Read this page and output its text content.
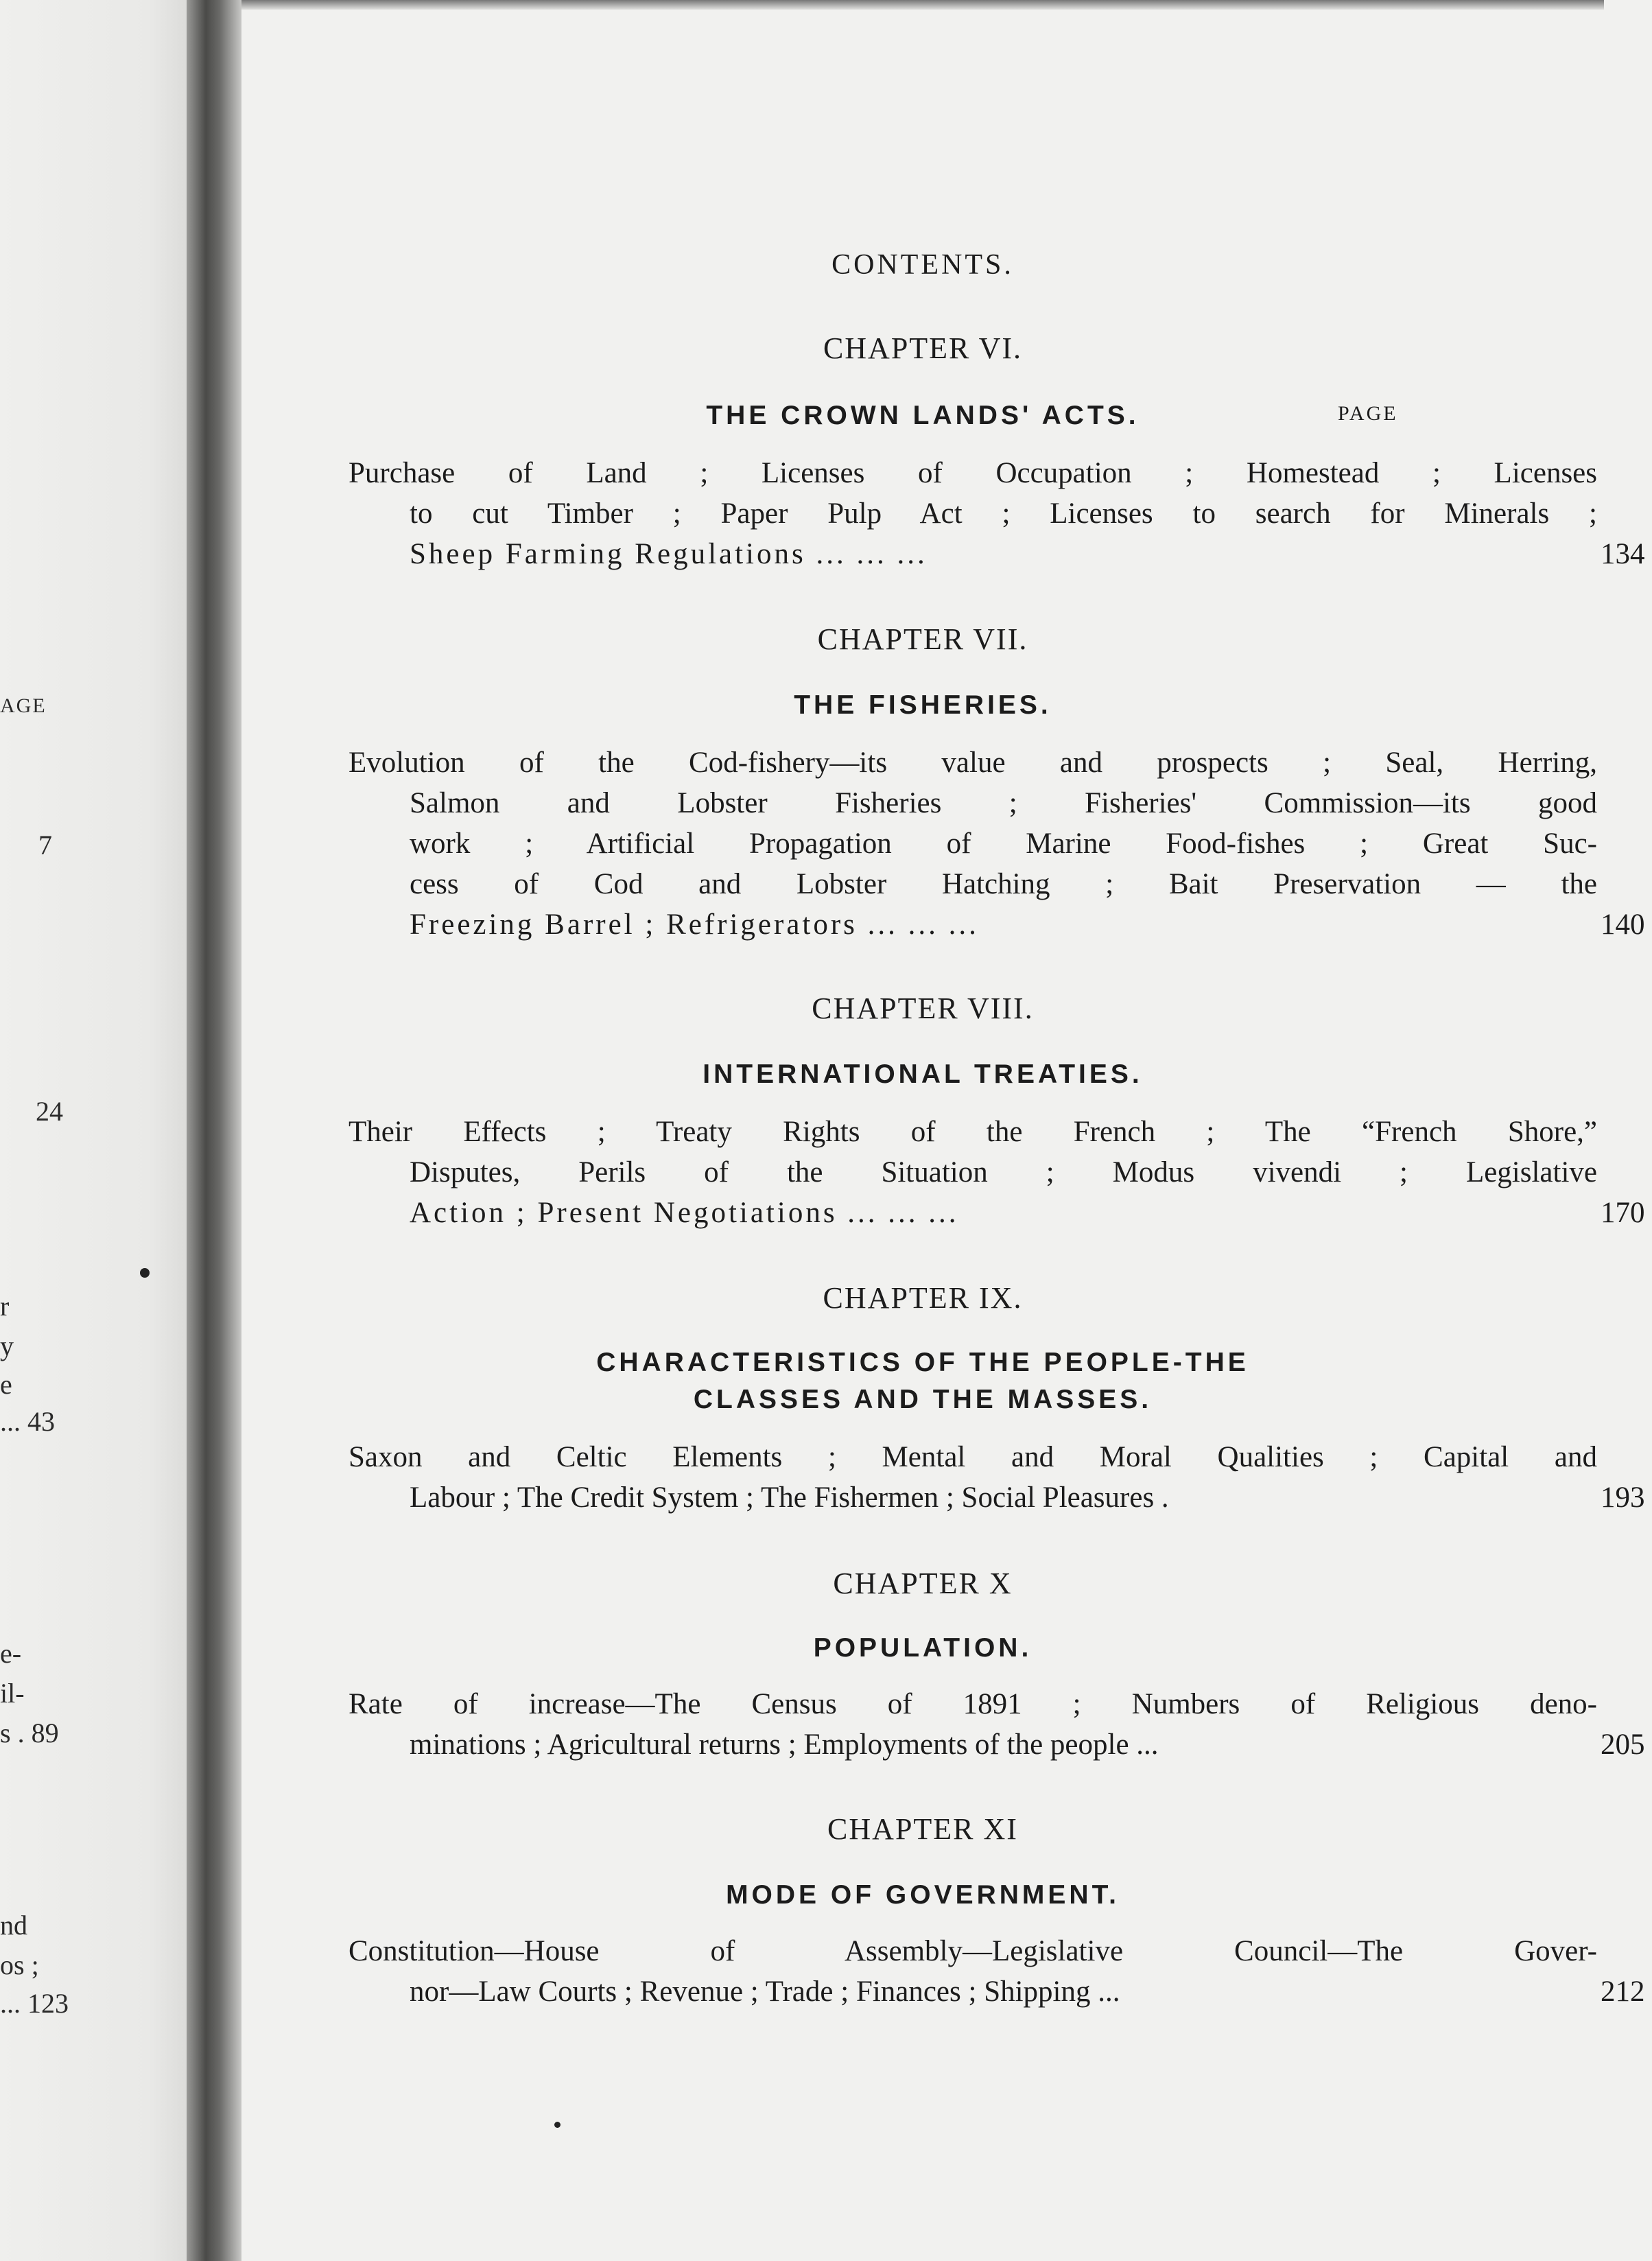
AGE
7
24
r
y
e
... 43
e-
il-
s . 89
nd
os ;
... 123
CONTENTS.
CHAPTER VI.
THE CROWN LANDS' ACTS.	PAGE
Purchase of Land ; Licenses of Occupation ; Homestead ; Licenses
to cut Timber ; Paper Pulp Act ; Licenses to search for Minerals ;
Sheep Farming Regulations ... ... ...	134
CHAPTER VII.
THE FISHERIES.
Evolution of the Cod-fishery—its value and prospects ; Seal, Herring,
Salmon and Lobster Fisheries ; Fisheries' Commission—its good
work ; Artificial Propagation of Marine Food-fishes ; Great Suc-
cess of Cod and Lobster Hatching ; Bait Preservation — the
Freezing Barrel ; Refrigerators ... ... ...	140
CHAPTER VIII.
INTERNATIONAL TREATIES.
Their Effects ; Treaty Rights of the French ; The “French Shore,”
Disputes, Perils of the Situation ; Modus vivendi ; Legislative
Action ; Present Negotiations ... ... ...	170
CHAPTER IX.
CHARACTERISTICS OF THE PEOPLE-THE
CLASSES AND THE MASSES.
Saxon and Celtic Elements ; Mental and Moral Qualities ; Capital and
Labour ; The Credit System ; The Fishermen ; Social Pleasures .	193
CHAPTER X
POPULATION.
Rate of increase—The Census of 1891 ; Numbers of Religious deno-
minations ; Agricultural returns ; Employments of the people ...	205
CHAPTER XI
MODE OF GOVERNMENT.
Constitution—House of Assembly—Legislative Council—The Gover-
nor—Law Courts ; Revenue ; Trade ; Finances ; Shipping ...	212
